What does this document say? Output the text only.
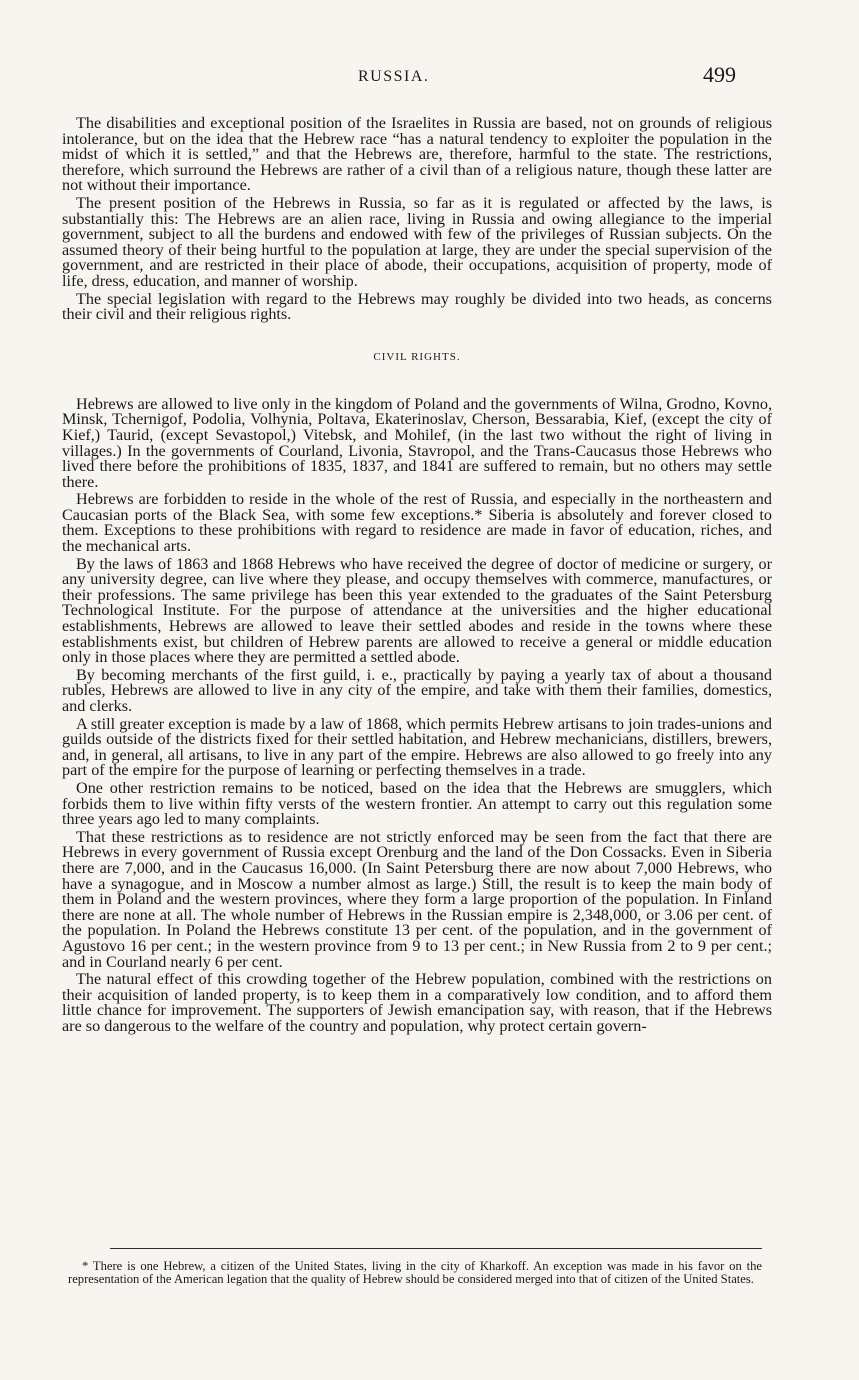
RUSSIA.	499

The disabilities and exceptional position of the Israelites in Russia are based, not on grounds of religious intolerance, but on the idea that the Hebrew race “has a natural tendency to exploiter the population in the midst of which it is settled,” and that the Hebrews are, therefore, harmful to the state. The restrictions, therefore, which surround the Hebrews are rather of a civil than of a religious nature, though these latter are not without their importance.

The present position of the Hebrews in Russia, so far as it is regulated or affected by the laws, is substantially this: The Hebrews are an alien race, living in Russia and owing allegiance to the imperial government, subject to all the burdens and endowed with few of the privileges of Russian subjects. On the assumed theory of their being hurtful to the population at large, they are under the special supervision of the government, and are restricted in their place of abode, their occupations, acquisition of property, mode of life, dress, education, and manner of worship.

The special legislation with regard to the Hebrews may roughly be divided into two heads, as concerns their civil and their religious rights.

CIVIL RIGHTS.

Hebrews are allowed to live only in the kingdom of Poland and the governments of Wilna, Grodno, Kovno, Minsk, Tchernigof, Podolia, Volhynia, Poltava, Ekaterinoslav, Cherson, Bessarabia, Kief, (except the city of Kief,) Taurid, (except Sevastopol,) Vitebsk, and Mohilef, (in the last two without the right of living in villages.) In the governments of Courland, Livonia, Stavropol, and the Trans-Caucasus those Hebrews who lived there before the prohibitions of 1835, 1837, and 1841 are suffered to remain, but no others may settle there.

Hebrews are forbidden to reside in the whole of the rest of Russia, and especially in the northeastern and Caucasian ports of the Black Sea, with some few exceptions.* Siberia is absolutely and forever closed to them. Exceptions to these prohibitions with regard to residence are made in favor of education, riches, and the mechanical arts.

By the laws of 1863 and 1868 Hebrews who have received the degree of doctor of medicine or surgery, or any university degree, can live where they please, and occupy themselves with commerce, manufactures, or their professions. The same privilege has been this year extended to the graduates of the Saint Petersburg Technological Institute. For the purpose of attendance at the universities and the higher educational establishments, Hebrews are allowed to leave their settled abodes and reside in the towns where these establishments exist, but children of Hebrew parents are allowed to receive a general or middle education only in those places where they are permitted a settled abode.

By becoming merchants of the first guild, i. e., practically by paying a yearly tax of about a thousand rubles, Hebrews are allowed to live in any city of the empire, and take with them their families, domestics, and clerks.

A still greater exception is made by a law of 1868, which permits Hebrew artisans to join trades-unions and guilds outside of the districts fixed for their settled habitation, and Hebrew mechanicians, distillers, brewers, and, in general, all artisans, to live in any part of the empire. Hebrews are also allowed to go freely into any part of the empire for the purpose of learning or perfecting themselves in a trade.

One other restriction remains to be noticed, based on the idea that the Hebrews are smugglers, which forbids them to live within fifty versts of the western frontier. An attempt to carry out this regulation some three years ago led to many complaints.

That these restrictions as to residence are not strictly enforced may be seen from the fact that there are Hebrews in every government of Russia except Orenburg and the land of the Don Cossacks. Even in Siberia there are 7,000, and in the Caucasus 16,000. (In Saint Petersburg there are now about 7,000 Hebrews, who have a synagogue, and in Moscow a number almost as large.) Still, the result is to keep the main body of them in Poland and the western provinces, where they form a large proportion of the population. In Finland there are none at all. The whole number of Hebrews in the Russian empire is 2,348,000, or 3.06 per cent. of the population. In Poland the Hebrews constitute 13 per cent. of the population, and in the government of Agustovo 16 per cent.; in the western province from 9 to 13 per cent.; in New Russia from 2 to 9 per cent.; and in Courland nearly 6 per cent.

The natural effect of this crowding together of the Hebrew population, combined with the restrictions on their acquisition of landed property, is to keep them in a comparatively low condition, and to afford them little chance for improvement. The supporters of Jewish emancipation say, with reason, that if the Hebrews are so dangerous to the welfare of the country and population, why protect certain govern-

* There is one Hebrew, a citizen of the United States, living in the city of Kharkoff. An exception was made in his favor on the representation of the American legation that the quality of Hebrew should be considered merged into that of citizen of the United States.
